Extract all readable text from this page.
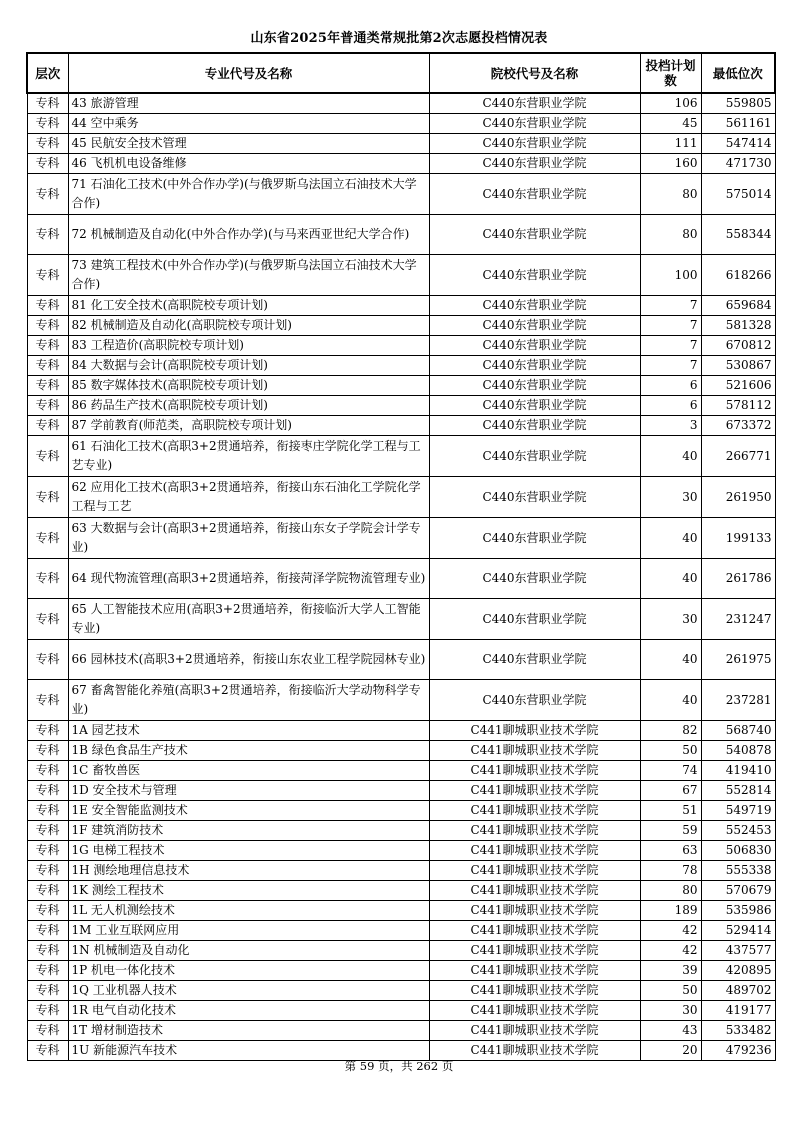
山东省2025年普通类常规批第2次志愿投档情况表
层次	专业代号及名称	院校代号及名称	投档计划数	最低位次
专科	43 旅游管理	C440东营职业学院	106	559805
专科	44 空中乘务	C440东营职业学院	45	561161
专科	45 民航安全技术管理	C440东营职业学院	111	547414
专科	46 飞机机电设备维修	C440东营职业学院	160	471730
专科	71 石油化工技术(中外合作办学)(与俄罗斯乌法国立石油技术大学合作)	C440东营职业学院	80	575014
专科	72 机械制造及自动化(中外合作办学)(与马来西亚世纪大学合作)	C440东营职业学院	80	558344
专科	73 建筑工程技术(中外合作办学)(与俄罗斯乌法国立石油技术大学合作)	C440东营职业学院	100	618266
专科	81 化工安全技术(高职院校专项计划)	C440东营职业学院	7	659684
专科	82 机械制造及自动化(高职院校专项计划)	C440东营职业学院	7	581328
专科	83 工程造价(高职院校专项计划)	C440东营职业学院	7	670812
专科	84 大数据与会计(高职院校专项计划)	C440东营职业学院	7	530867
专科	85 数字媒体技术(高职院校专项计划)	C440东营职业学院	6	521606
专科	86 药品生产技术(高职院校专项计划)	C440东营职业学院	6	578112
专科	87 学前教育(师范类，高职院校专项计划)	C440东营职业学院	3	673372
专科	61 石油化工技术(高职3+2贯通培养，衔接枣庄学院化学工程与工艺专业)	C440东营职业学院	40	266771
专科	62 应用化工技术(高职3+2贯通培养，衔接山东石油化工学院化学工程与工艺	C440东营职业学院	30	261950
专科	63 大数据与会计(高职3+2贯通培养，衔接山东女子学院会计学专业)	C440东营职业学院	40	199133
专科	64 现代物流管理(高职3+2贯通培养，衔接菏泽学院物流管理专业)	C440东营职业学院	40	261786
专科	65 人工智能技术应用(高职3+2贯通培养，衔接临沂大学人工智能专业)	C440东营职业学院	30	231247
专科	66 园林技术(高职3+2贯通培养，衔接山东农业工程学院园林专业)	C440东营职业学院	40	261975
专科	67 畜禽智能化养殖(高职3+2贯通培养，衔接临沂大学动物科学专业)	C440东营职业学院	40	237281
专科	1A 园艺技术	C441聊城职业技术学院	82	568740
专科	1B 绿色食品生产技术	C441聊城职业技术学院	50	540878
专科	1C 畜牧兽医	C441聊城职业技术学院	74	419410
专科	1D 安全技术与管理	C441聊城职业技术学院	67	552814
专科	1E 安全智能监测技术	C441聊城职业技术学院	51	549719
专科	1F 建筑消防技术	C441聊城职业技术学院	59	552453
专科	1G 电梯工程技术	C441聊城职业技术学院	63	506830
专科	1H 测绘地理信息技术	C441聊城职业技术学院	78	555338
专科	1K 测绘工程技术	C441聊城职业技术学院	80	570679
专科	1L 无人机测绘技术	C441聊城职业技术学院	189	535986
专科	1M 工业互联网应用	C441聊城职业技术学院	42	529414
专科	1N 机械制造及自动化	C441聊城职业技术学院	42	437577
专科	1P 机电一体化技术	C441聊城职业技术学院	39	420895
专科	1Q 工业机器人技术	C441聊城职业技术学院	50	489702
专科	1R 电气自动化技术	C441聊城职业技术学院	30	419177
专科	1T 增材制造技术	C441聊城职业技术学院	43	533482
专科	1U 新能源汽车技术	C441聊城职业技术学院	20	479236
第 59 页，共 262 页
